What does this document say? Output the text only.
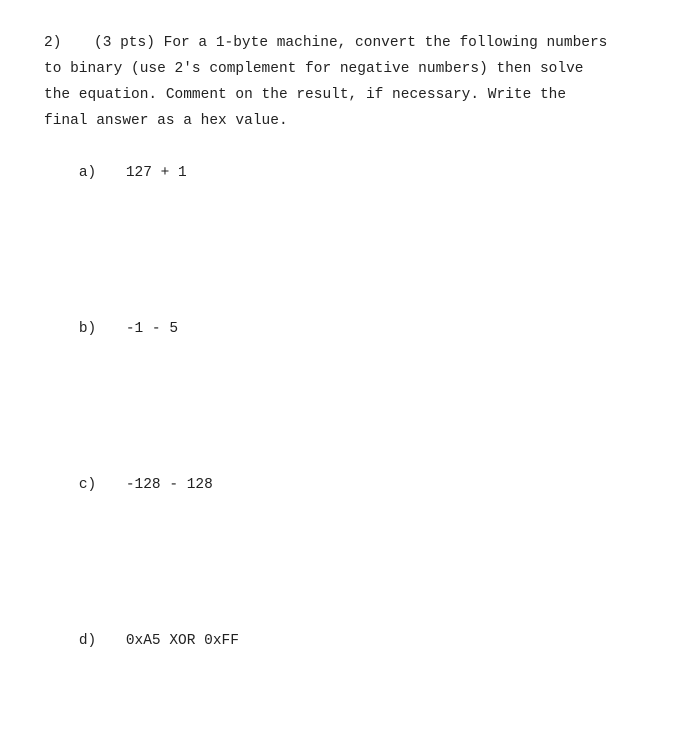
2) (3 pts) For a 1-byte machine, convert the following numbers
to binary (use 2's complement for negative numbers) then solve
the equation. Comment on the result, if necessary. Write the
final answer as a hex value.

a) 127 + 1

b) -1 - 5

c) -128 - 128

d) 0xA5 XOR 0xFF
